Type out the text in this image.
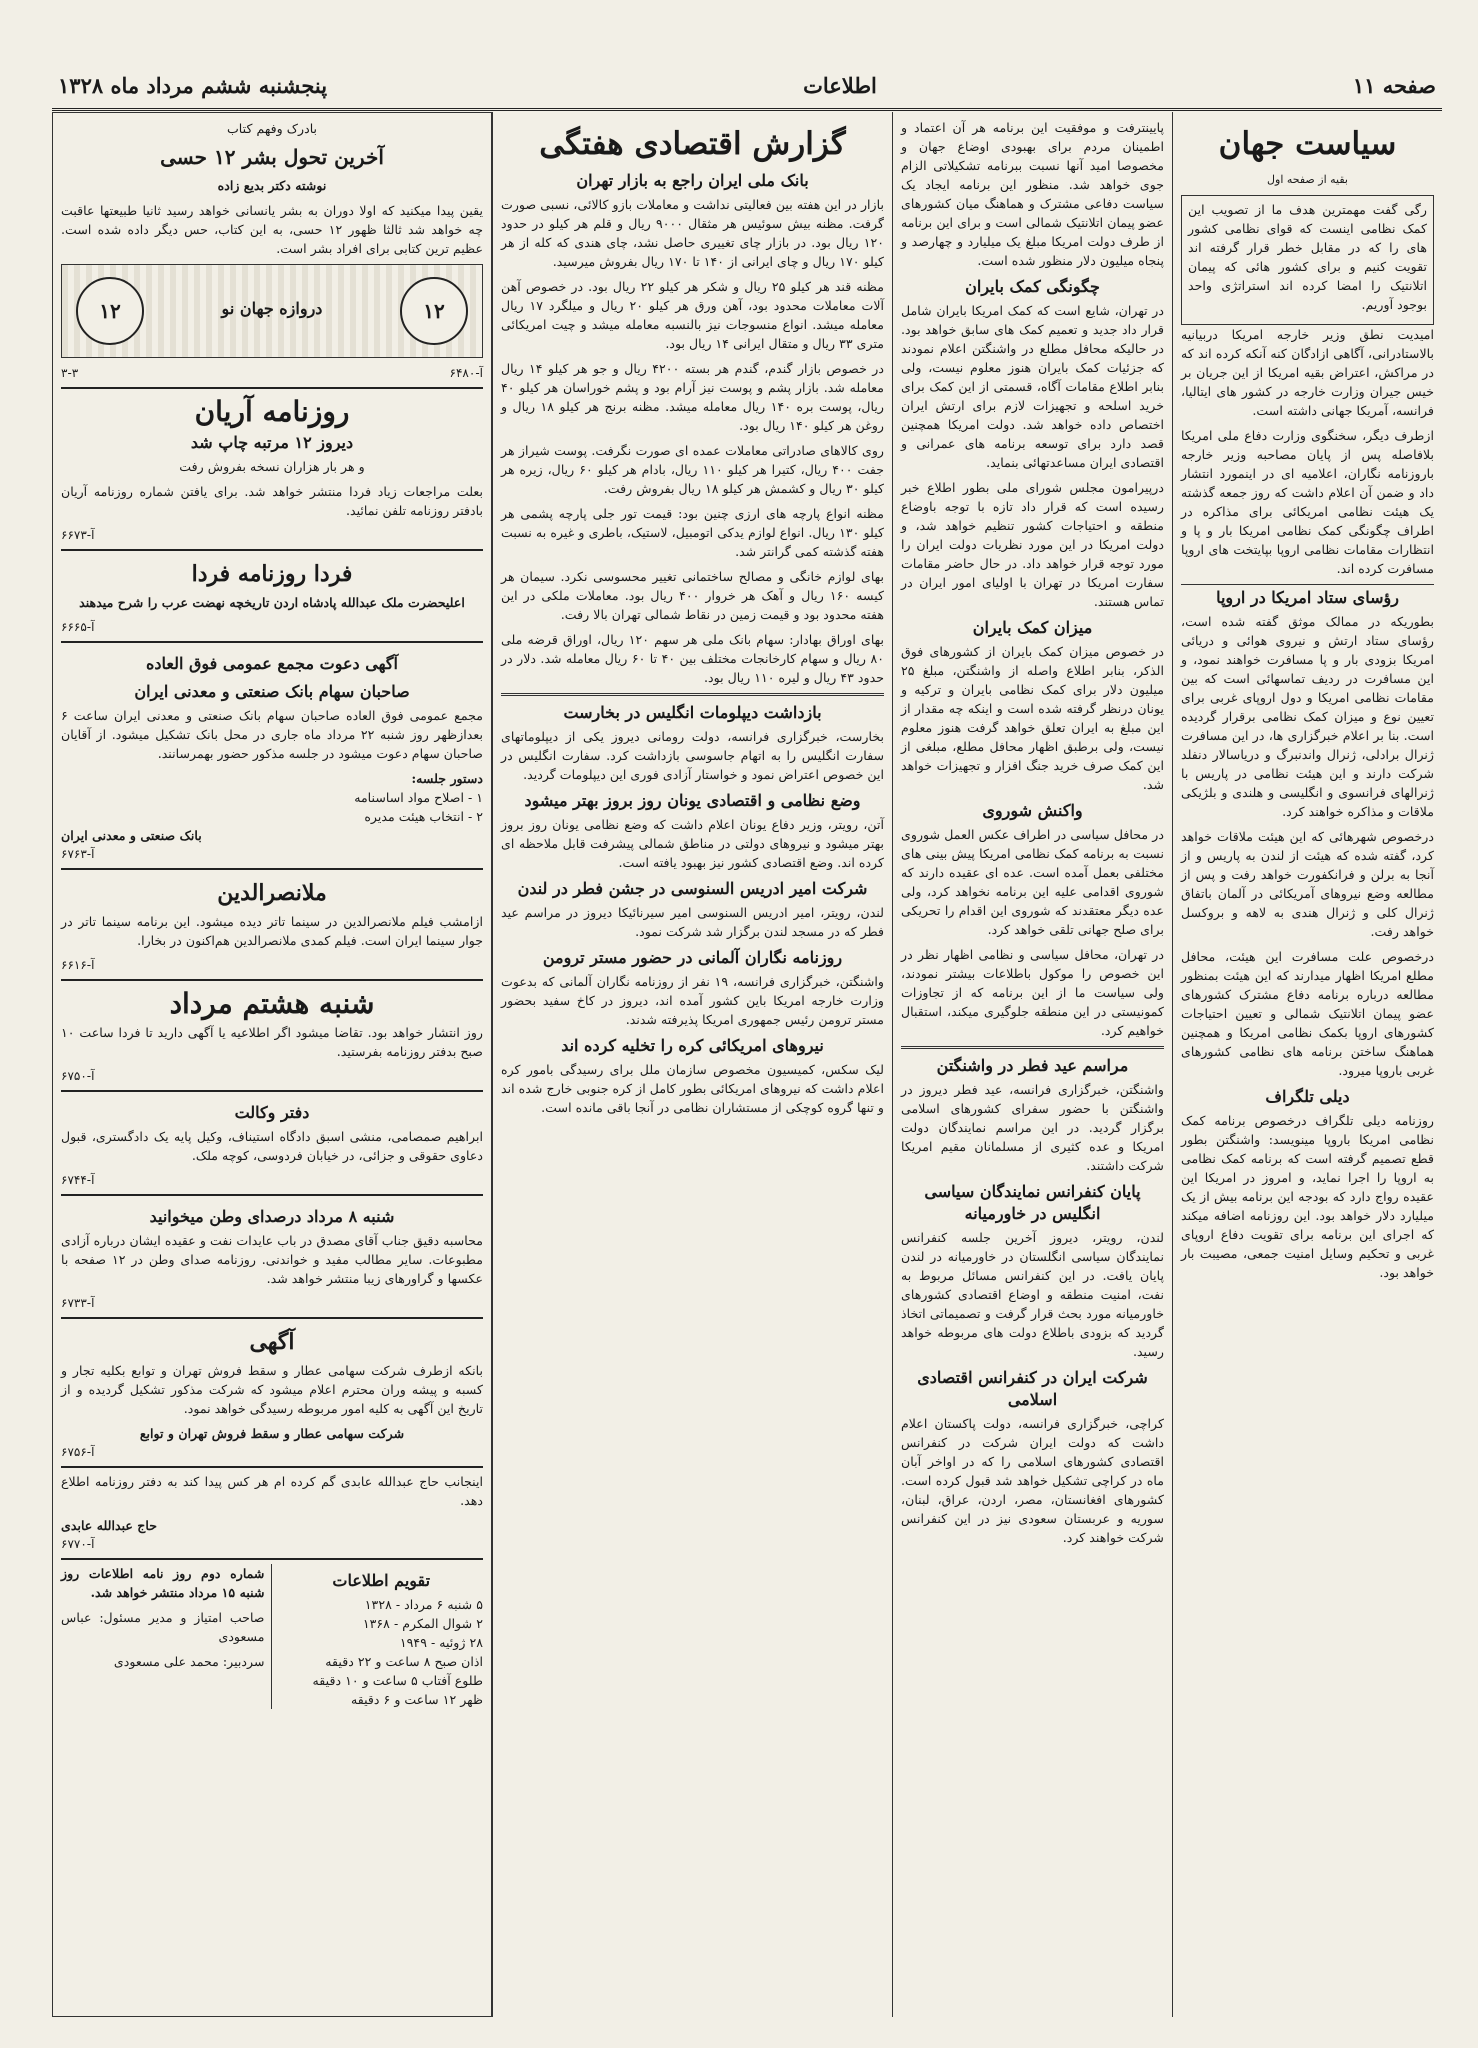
صفحه ۱۱
اطلاعات
پنجشنبه ششم مرداد ماه ۱۳۲۸
سیاست جهان

بقیه از صفحه اول

رگی گفت مهمترین هدف ما از تصویب این کمک نظامی اینست که قوای نظامی کشور های را که در مقابل خطر قرار گرفته اند تقویت کنیم و برای کشور هائی که پیمان اتلانتیک را امضا کرده اند استراتژی واحد بوجود آوریم.

امیدیت نطق وزیر خارجه امریکا دربیانیه بالاستادرانی، آگاهی ازادگان کنه آنکه کرده اند که در مراکش، اعتراض بقیه امریکا از این جریان بر خیس جیران وزارت خارجه در کشور های ایتالیا، فرانسه، آمریکا جهانی داشته است.

ازطرف دیگر، سخنگوی وزارت دفاع ملی امریکا بلافاصله پس از پایان مصاحبه وزیر خارجه باروزنامه نگاران، اعلامیه ای در اینمورد انتشار داد و ضمن آن اعلام داشت که روز جمعه گذشته یک هیئت نظامی امریکائی برای مذاکره در اطراف چگونگی کمک نظامی امریکا بار و پا و انتظارات مقامات نظامی اروپا بپایتخت های اروپا مسافرت کرده اند.

رؤسای ستاد امریکا در اروپا

بطوریکه در ممالک موثق گفته شده است، رؤسای ستاد ارتش و نیروی هوائی و دریائی امریکا بزودی بار و پا مسافرت خواهند نمود، و این مسافرت در ردیف تماسهائی است که بین مقامات نظامی امریکا و دول اروپای غربی برای تعیین نوع و میزان کمک نظامی برقرار گردیده است. بنا بر اعلام خبرگزاری ها، در این مسافرت ژنرال برادلی، ژنرال واندنبرگ و دریاسالار دنفلد شرکت دارند و این هیئت نظامی در پاریس با ژنرالهای فرانسوی و انگلیسی و هلندی و بلژیکی ملاقات و مذاکره خواهند کرد.

درخصوص شهرهائی که این هیئت ملاقات خواهد کرد، گفته شده که هیئت از لندن به پاریس و از آنجا به برلن و فرانکفورت خواهد رفت و پس از مطالعه وضع نیروهای آمریکائی در آلمان باتفاق ژنرال کلی و ژنرال هندی به لاهه و بروکسل خواهد رفت.

درخصوص علت مسافرت این هیئت، محافل مطلع امریکا اظهار میدارند که این هیئت بمنظور مطالعه درباره برنامه دفاع مشترک کشورهای عضو پیمان اتلانتیک شمالی و تعیین احتیاجات کشورهای اروپا بکمک نظامی امریکا و همچنین هماهنگ ساختن برنامه های نظامی کشورهای غربی باروپا میرود.

دیلی تلگراف

روزنامه دیلی تلگراف درخصوص برنامه کمک نظامی امریکا باروپا مینویسد: واشنگتن بطور قطع تصمیم گرفته است که برنامه کمک نظامی به اروپا را اجرا نماید، و امروز در امریکا این عقیده رواج دارد که بودجه این برنامه بیش از یک میلیارد دلار خواهد بود. این روزنامه اضافه میکند که اجرای این برنامه برای تقویت دفاع اروپای غربی و تحکیم وسایل امنیت جمعی، مصیبت بار خواهد بود.

پایینترفت و موفقیت این برنامه هر آن اعتماد و اطمینان مردم برای بهبودی اوضاع جهان و مخصوصا امید آنها نسبت ببرنامه تشکیلاتی الزام جوی خواهد شد. منظور این برنامه ایجاد یک سیاست دفاعی مشترک و هماهنگ میان کشورهای عضو پیمان اتلانتیک شمالی است و برای این برنامه از طرف دولت امریکا مبلغ یک میلیارد و چهارصد و پنجاه میلیون دلار منظور شده است.

چگونگی کمک بایران

در تهران، شایع است که کمک امریکا بایران شامل قرار داد جدید و تعمیم کمک های سابق خواهد بود. در حالیکه محافل مطلع در واشنگتن اعلام نمودند که جزئیات کمک بایران هنوز معلوم نیست، ولی بنابر اطلاع مقامات آگاه، قسمتی از این کمک برای خرید اسلحه و تجهیزات لازم برای ارتش ایران اختصاص داده خواهد شد. دولت امریکا همچنین قصد دارد برای توسعه برنامه های عمرانی و اقتصادی ایران مساعدتهائی بنماید.

درپیرامون مجلس شورای ملی بطور اطلاع خبر رسیده است که قرار داد تازه با توجه باوضاع منطقه و احتیاجات کشور تنظیم خواهد شد، و دولت امریکا در این مورد نظریات دولت ایران را مورد توجه قرار خواهد داد. در حال حاضر مقامات سفارت امریکا در تهران با اولیای امور ایران در تماس هستند.

میزان کمک بایران

در خصوص میزان کمک بایران از کشورهای فوق الذکر، بنابر اطلاع واصله از واشنگتن، مبلغ ۲۵ میلیون دلار برای کمک نظامی بایران و ترکیه و یونان درنظر گرفته شده است و اینکه چه مقدار از این مبلغ به ایران تعلق خواهد گرفت هنوز معلوم نیست، ولی برطبق اظهار محافل مطلع، مبلغی از این کمک صرف خرید جنگ افزار و تجهیزات خواهد شد.

واکنش شوروی

در محافل سیاسی در اطراف عکس العمل شوروی نسبت به برنامه کمک نظامی امریکا پیش بینی های مختلفی بعمل آمده است. عده ای عقیده دارند که شوروی اقدامی علیه این برنامه نخواهد کرد، ولی عده دیگر معتقدند که شوروی این اقدام را تحریکی برای صلح جهانی تلقی خواهد کرد.

در تهران، محافل سیاسی و نظامی اظهار نظر در این خصوص را موکول باطلاعات بیشتر نمودند، ولی سیاست ما از این برنامه که از تجاوزات کمونیستی در این منطقه جلوگیری میکند، استقبال خواهیم کرد.

مراسم عید فطر در واشنگتن

واشنگتن، خبرگزاری فرانسه، عید فطر دیروز در واشنگتن با حضور سفرای کشورهای اسلامی برگزار گردید. در این مراسم نمایندگان دولت امریکا و عده کثیری از مسلمانان مقیم امریکا شرکت داشتند.

پایان کنفرانس نمایندگان سیاسی انگلیس در خاورمیانه

لندن، رویتر، دیروز آخرین جلسه کنفرانس نمایندگان سیاسی انگلستان در خاورمیانه در لندن پایان یافت. در این کنفرانس مسائل مربوط به نفت، امنیت منطقه و اوضاع اقتصادی کشورهای خاورمیانه مورد بحث قرار گرفت و تصمیماتی اتخاذ گردید که بزودی باطلاع دولت های مربوطه خواهد رسید.

شرکت ایران در کنفرانس اقتصادی اسلامی

کراچی، خبرگزاری فرانسه، دولت پاکستان اعلام داشت که دولت ایران شرکت در کنفرانس اقتصادی کشورهای اسلامی را که در اواخر آبان ماه در کراچی تشکیل خواهد شد قبول کرده است. کشورهای افغانستان، مصر، اردن، عراق، لبنان، سوریه و عربستان سعودی نیز در این کنفرانس شرکت خواهند کرد.

گزارش اقتصادی هفتگی
بانک ملی ایران راجع به بازار تهران

بازار در این هفته بین فعالیتی نداشت و معاملات بازو کالائی، نسبی صورت گرفت. مظنه بیش سوئیس هر مثقال ۹۰۰۰ ریال و قلم هر کیلو در حدود ۱۲۰ ریال بود. در بازار چای تغییری حاصل نشد، چای هندی که کله از هر کیلو ۱۷۰ ریال و چای ایرانی از ۱۴۰ تا ۱۷۰ ریال بفروش میرسید.

مظنه قند هر کیلو ۲۵ ریال و شکر هر کیلو ۲۲ ریال بود. در خصوص آهن آلات معاملات محدود بود، آهن ورق هر کیلو ۲۰ ریال و میلگرد ۱۷ ریال معامله میشد. انواع منسوجات نیز بالنسبه معامله میشد و چیت امریکائی متری ۳۳ ریال و متقال ایرانی ۱۴ ریال بود.

در خصوص بازار گندم، گندم هر بسته ۴۲۰۰ ریال و جو هر کیلو ۱۴ ریال معامله شد. بازار پشم و پوست نیز آرام بود و پشم خوراسان هر کیلو ۴۰ ریال، پوست بره ۱۴۰ ریال معامله میشد. مظنه برنج هر کیلو ۱۸ ریال و روغن هر کیلو ۱۴۰ ریال بود.

روی کالاهای صادراتی معاملات عمده ای صورت نگرفت. پوست شیراز هر جفت ۴۰۰ ریال، کتیرا هر کیلو ۱۱۰ ریال، بادام هر کیلو ۶۰ ریال، زیره هر کیلو ۳۰ ریال و کشمش هر کیلو ۱۸ ریال بفروش رفت.

مظنه انواع پارچه های ارزی چنین بود: قیمت تور جلی پارچه پشمی هر کیلو ۱۳۰ ریال. انواع لوازم یدکی اتومبیل، لاستیک، باطری و غیره به نسبت هفته گذشته کمی گرانتر شد.

بهای لوازم خانگی و مصالح ساختمانی تغییر محسوسی نکرد. سیمان هر کیسه ۱۶۰ ریال و آهک هر خروار ۴۰۰ ریال بود. معاملات ملکی در این هفته محدود بود و قیمت زمین در نقاط شمالی تهران بالا رفت.

بهای اوراق بهادار: سهام بانک ملی هر سهم ۱۲۰ ریال، اوراق قرضه ملی ۸۰ ریال و سهام کارخانجات مختلف بین ۴۰ تا ۶۰ ریال معامله شد. دلار در حدود ۴۳ ریال و لیره ۱۱۰ ریال بود.

بازداشت دیپلومات انگلیس در بخارست

بخارست، خبرگزاری فرانسه، دولت رومانی دیروز یکی از دیپلوماتهای سفارت انگلیس را به اتهام جاسوسی بازداشت کرد. سفارت انگلیس در این خصوص اعتراض نمود و خواستار آزادی فوری این دیپلومات گردید.

وضع نظامی و اقتصادی یونان روز بروز بهتر میشود

آتن، رویتر، وزیر دفاع یونان اعلام داشت که وضع نظامی یونان روز بروز بهتر میشود و نیروهای دولتی در مناطق شمالی پیشرفت قابل ملاحظه ای کرده اند. وضع اقتصادی کشور نیز بهبود یافته است.

شرکت امیر ادریس السنوسی در جشن فطر در لندن

لندن، رویتر، امیر ادریس السنوسی امیر سیرنائیکا دیروز در مراسم عید فطر که در مسجد لندن برگزار شد شرکت نمود.

روزنامه نگاران آلمانی در حضور مستر ترومن

واشنگتن، خبرگزاری فرانسه، ۱۹ نفر از روزنامه نگاران آلمانی که بدعوت وزارت خارجه امریکا باین کشور آمده اند، دیروز در کاخ سفید بحضور مستر ترومن رئیس جمهوری امریکا پذیرفته شدند.

نیروهای امریکائی کره را تخلیه کرده اند

لیک سکس، کمیسیون مخصوص سازمان ملل برای رسیدگی بامور کره اعلام داشت که نیروهای امریکائی بطور کامل از کره جنوبی خارج شده اند و تنها گروه کوچکی از مستشاران نظامی در آنجا باقی مانده است.

بادرک وفهم کتاب

آخرین تحول بشر ۱۲ حسی

نوشته دکتر بدیع زاده

یقین پیدا میکنید که اولا دوران به بشر یانسانی خواهد رسید ثانیا طبیعتها عاقبت چه خواهد شد ثالثا ظهور ۱۲ حسی، به این کتاب، حس دیگر داده شده است. عظیم ترین کتابی برای افراد بشر است.

۱۲
دروازه جهان نو
۱۲
۶۴۸۰-آ
۳-۳
روزنامه آریان
دیروز ۱۲ مرتبه چاپ شد

و هر بار هزاران نسخه بفروش رفت

بعلت مراجعات زیاد فردا منتشر خواهد شد. برای یافتن شماره روزنامه آریان بادفتر روزنامه تلفن نمائید.

۶۶۷۳-آ
فردا روزنامه فردا

اعلیحضرت ملک عبدالله پادشاه اردن تاریخچه نهضت عرب را شرح میدهند

۶۶۶۵-آ
آگهی دعوت مجمع عمومی فوق العاده
صاحبان سهام بانک صنعتی و معدنی ایران

مجمع عمومی فوق العاده صاحبان سهام بانک صنعتی و معدنی ایران ساعت ۶ بعدازظهر روز شنبه ۲۲ مرداد ماه جاری در محل بانک تشکیل میشود. از آقایان صاحبان سهام دعوت میشود در جلسه مذکور حضور بهمرسانند.

دستور جلسه:

۱ - اصلاح مواد اساسنامه

۲ - انتخاب هیئت مدیره

بانک صنعتی و معدنی ایران

۶۷۶۳-آ
ملانصرالدین

ازامشب فیلم ملانصرالدین در سینما تاتر دیده میشود. این برنامه سینما تاتر در جوار سینما ایران است. فیلم کمدی ملانصرالدین هم‌اکنون در بخارا.

۶۶۱۶-آ
شنبه هشتم مرداد

روز انتشار خواهد بود. تقاضا میشود اگر اطلاعیه یا آگهی دارید تا فردا ساعت ۱۰ صبح بدفتر روزنامه بفرستید.

۶۷۵۰-آ
دفتر وکالت

ابراهیم صمصامی، منشی اسبق دادگاه استیناف، وکیل پایه یک دادگستری، قبول دعاوی حقوقی و جزائی، در خیابان فردوسی، کوچه ملک.

۶۷۴۴-آ
شنبه ۸ مرداد درصدای وطن میخوانید

محاسبه دقیق جناب آقای مصدق در باب عایدات نفت و عقیده ایشان درباره آزادی مطبوعات. سایر مطالب مفید و خواندنی. روزنامه صدای وطن در ۱۲ صفحه با عکسها و گراورهای زیبا منتشر خواهد شد.

۶۷۳۳-آ
آگهی

بانکه ازطرف شرکت سهامی عطار و سقط فروش تهران و توابع بکلیه تجار و کسبه و پیشه وران محترم اعلام میشود که شرکت مذکور تشکیل گردیده و از تاریخ این آگهی به کلیه امور مربوطه رسیدگی خواهد نمود.

شرکت سهامی عطار و سقط فروش تهران و توابع

۶۷۵۶-آ

اینجانب حاج عبدالله عابدی گم کرده ام هر کس پیدا کند به دفتر روزنامه اطلاع دهد.

حاج عبدالله عابدی

۶۷۷۰-آ
تقویم اطلاعات
۵ شنبه ۶ مرداد - ۱۳۲۸
۲ شوال المکرم - ۱۳۶۸
۲۸ ژوئیه - ۱۹۴۹
اذان صبح ۸ ساعت و ۲۲ دقیقه
طلوع آفتاب ۵ ساعت و ۱۰ دقیقه
ظهر ۱۲ ساعت و ۶ دقیقه

شماره دوم روز نامه اطلاعات روز شنبه ۱۵ مرداد منتشر خواهد شد.

صاحب امتیاز و مدیر مسئول: عباس مسعودی

سردبیر: محمد علی مسعودی
